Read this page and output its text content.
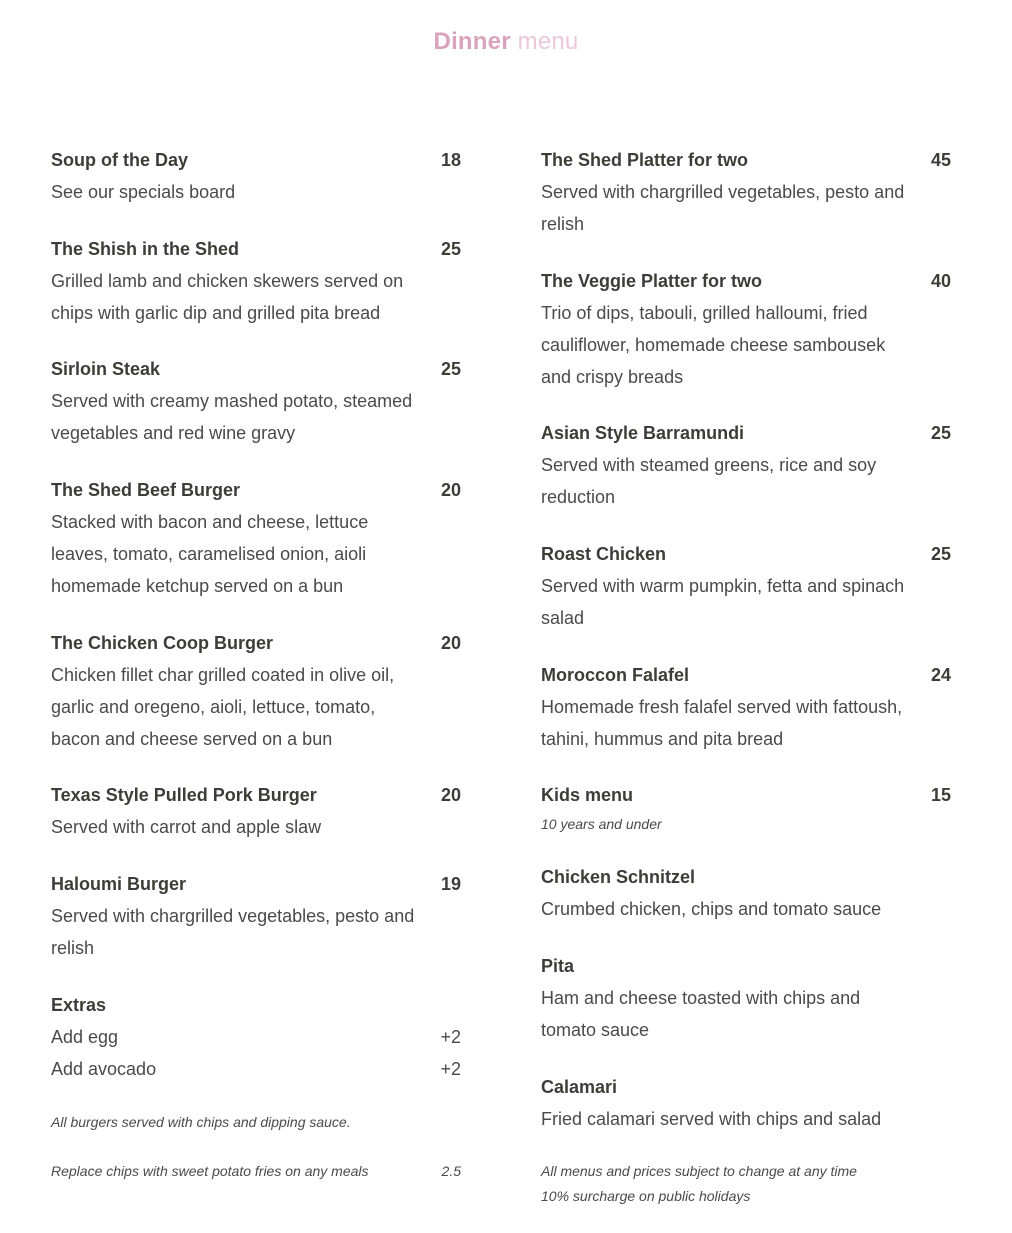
Dinner menu
Soup of the Day	18
See our specials board
The Shish in the Shed	25
Grilled lamb and chicken skewers served on chips with garlic dip and grilled pita bread
Sirloin Steak	25
Served with creamy mashed potato, steamed vegetables and red wine gravy
The Shed Beef Burger	20
Stacked with bacon and cheese, lettuce leaves, tomato, caramelised onion, aioli homemade ketchup served on a bun
The Chicken Coop Burger	20
Chicken fillet char grilled coated in olive oil, garlic and oregeno, aioli, lettuce, tomato, bacon and cheese served on a bun
Texas Style Pulled Pork Burger	20
Served with carrot and apple slaw
Haloumi Burger	19
Served with chargrilled vegetables, pesto and relish
Extras
Add egg	+2
Add avocado	+2
All burgers served with chips and dipping sauce.
Replace chips with sweet potato fries on any meals	2.5
The Shed Platter for two	45
Served with chargrilled vegetables, pesto and relish
The Veggie Platter for two	40
Trio of dips, tabouli, grilled halloumi, fried cauliflower, homemade cheese sambousek and crispy breads
Asian Style Barramundi	25
Served with steamed greens, rice and soy reduction
Roast Chicken	25
Served with warm pumpkin, fetta and spinach salad
Moroccon Falafel	24
Homemade fresh falafel served with fattoush, tahini, hummus and pita bread
Kids menu	15
10 years and under
Chicken Schnitzel
Crumbed chicken, chips and tomato sauce
Pita
Ham and cheese toasted with chips and tomato sauce
Calamari
Fried calamari served with chips and salad
All menus and prices subject to change at any time
10% surcharge on public holidays
